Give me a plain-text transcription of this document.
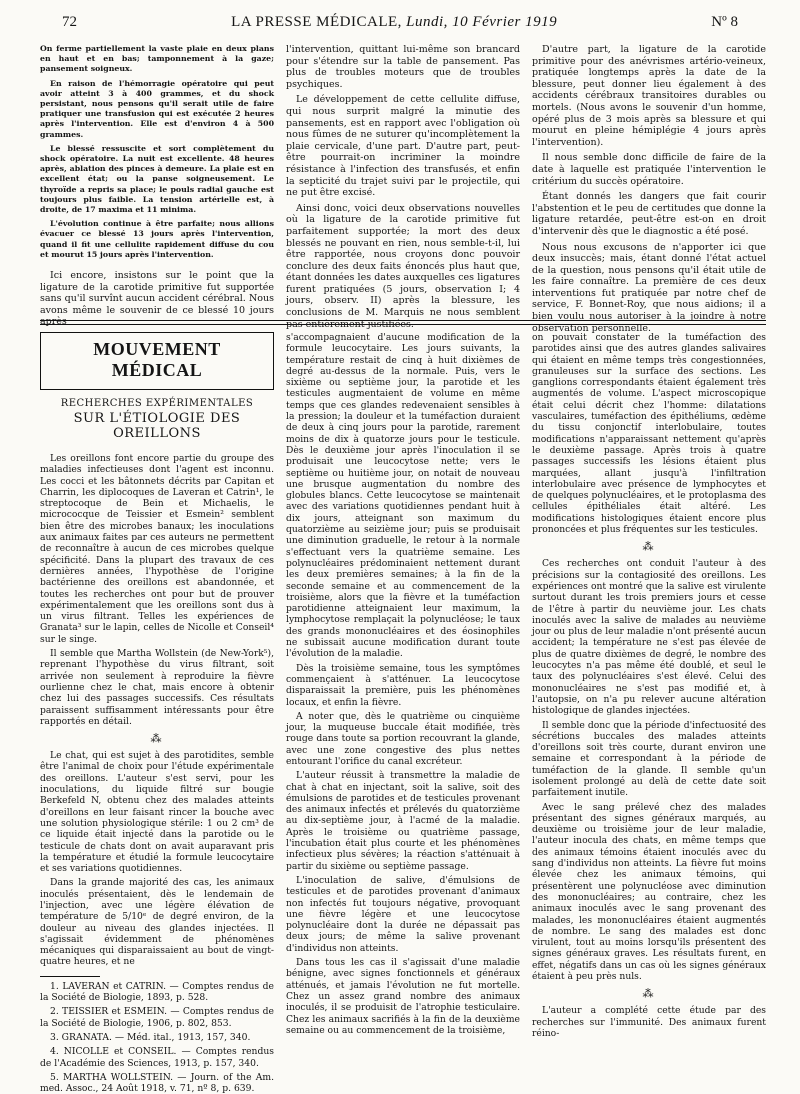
72	LA PRESSE MÉDICALE, Lundi, 10 Février 1919	Nº 8

On ferme partiellement la vaste plaie en deux plans en haut et en bas; tamponnement à la gaze; pansement soigneux.

En raison de l'hémorragie opératoire qui peut avoir atteint 3 à 400 grammes, et du shock persistant, nous pensons qu'il serait utile de faire pratiquer une transfusion qui est exécutée 2 heures après l'intervention. Elle est d'environ 4 à 500 grammes.

Le blessé ressuscite et sort complètement du shock opératoire. La nuit est excellente. 48 heures après, ablation des pinces à demeure. La plaie est en excellent état; ou la panse soigneusement. Le thyroïde a repris sa place; le pouls radial gauche est toujours plus faible. La tension artérielle est, à droite, de 17 maxima et 11 minima.

L'évolution continue à être parfaite; nous allions évacuer ce blessé 13 jours après l'intervention, quand il fit une cellulite rapidement diffuse du cou et mourut 15 jours après l'intervention.

Ici encore, insistons sur le point que la ligature de la carotide primitive fut supportée sans qu'il survînt aucun accident cérébral. Nous avons même le souvenir de ce blessé 10 jours après

l'intervention, quittant lui-même son brancard pour s'étendre sur la table de pansement. Pas plus de troubles moteurs que de troubles psychiques.

Le développement de cette cellulite diffuse, qui nous surprit malgré la minutie des pansements, est en rapport avec l'obligation où nous fûmes de ne suturer qu'incomplètement la plaie cervicale, d'une part. D'autre part, peut-être pourrait-on incriminer la moindre résistance à l'infection des transfusés, et enfin la septicité du trajet suivi par le projectile, qui ne put être excisé.

Ainsi donc, voici deux observations nouvelles où la ligature de la carotide primitive fut parfaitement supportée; la mort des deux blessés ne pouvant en rien, nous semble-t-il, lui être rapportée, nous croyons donc pouvoir conclure des deux faits énoncés plus haut que, étant données les dates auxquelles ces ligatures furent pratiquées (5 jours, observation I; 4 jours, observ. II) après la blessure, les conclusions de M. Marquis ne nous semblent pas entièrement justifiées.

D'autre part, la ligature de la carotide primitive pour des anévrismes artério-veineux, pratiquée longtemps après la date de la blessure, peut donner lieu également à des accidents cérébraux transitoires durables ou mortels. (Nous avons le souvenir d'un homme, opéré plus de 3 mois après sa blessure et qui mourut en pleine hémiplégie 4 jours après l'intervention).

Il nous semble donc difficile de faire de la date à laquelle est pratiquée l'intervention le critérium du succès opératoire.

Étant donnés les dangers que fait courir l'abstention et le peu de certitudes que donne la ligature retardée, peut-être est-on en droit d'intervenir dès que le diagnostic a été posé.

Nous nous excusons de n'apporter ici que deux insuccès; mais, étant donné l'état actuel de la question, nous pensons qu'il était utile de les faire connaître. La première de ces deux interventions fut pratiquée par notre chef de service, F. Bonnet-Roy, que nous aidions; il a bien voulu nous autoriser à la joindre à notre observation personnelle.

MOUVEMENT MÉDICAL
RECHERCHES EXPÉRIMENTALES
SUR L'ÉTIOLOGIE DES OREILLONS

Les oreillons font encore partie du groupe des maladies infectieuses dont l'agent est inconnu. Les cocci et les bâtonnets décrits par Capitan et Charrin, les diplocoques de Laveran et Catrin¹, le streptocoque de Bein et Michaelis, le micrococque de Teissier et Esmein² semblent bien être des microbes banaux; les inoculations aux animaux faites par ces auteurs ne permettent de reconnaître à aucun de ces microbes quelque spécificité. Dans la plupart des travaux de ces dernières années, l'hypothèse de l'origine bactérienne des oreillons est abandonnée, et toutes les recherches ont pour but de prouver expérimentalement que les oreillons sont dus à un virus filtrant. Telles les expériences de Granata³ sur le lapin, celles de Nicolle et Conseil⁴ sur le singe.

Il semble que Martha Wollstein (de New-York⁵), reprenant l'hypothèse du virus filtrant, soit arrivée non seulement à reproduire la fièvre ourlienne chez le chat, mais encore à obtenir chez lui des passages successifs. Ces résultats paraissent suffisamment intéressants pour être rapportés en détail.

⁂

Le chat, qui est sujet à des parotidites, semble être l'animal de choix pour l'étude expérimentale des oreillons. L'auteur s'est servi, pour les inoculations, du liquide filtré sur bougie Berkefeld N, obtenu chez des malades atteints d'oreillons en leur faisant rincer la bouche avec une solution physiologique stérile: 1 ou 2 cm³ de ce liquide était injecté dans la parotide ou le testicule de chats dont on avait auparavant pris la température et étudié la formule leucocytaire et ses variations quotidiennes.

Dans la grande majorité des cas, les animaux inoculés présentaient, dès le lendemain de l'injection, avec une légère élévation de température de 5/10ᵉ de degré environ, de la douleur au niveau des glandes injectées. Il s'agissait évidemment de phénomènes mécaniques qui disparaissaient au bout de vingt-quatre heures, et ne

1. LAVERAN et CATRIN. — Comptes rendus de la Société de Biologie, 1893, p. 528.

2. TEISSIER et ESMEIN. — Comptes rendus de la Société de Biologie, 1906, p. 802, 853.

3. GRANATA. — Méd. ital., 1913, 157, 340.

4. NICOLLE et CONSEIL. — Comptes rendus de l'Académie des Sciences, 1913, p. 157, 340.

5. MARTHA WOLLSTEIN. — Journ. of the Am. med. Assoc., 24 Août 1918, v. 71, nº 8, p. 639.

s'accompagnaient d'aucune modification de la formule leucocytaire. Les jours suivants, la température restait de cinq à huit dixièmes de degré au-dessus de la normale. Puis, vers le sixième ou septième jour, la parotide et les testicules augmentaient de volume en même temps que ces glandes redevenaient sensibles à la pression; la douleur et la tuméfaction duraient de deux à cinq jours pour la parotide, rarement moins de dix à quatorze jours pour le testicule. Dès le deuxième jour après l'inoculation il se produisait une leucocytose nette; vers le septième ou huitième jour, on notait de nouveau une brusque augmentation du nombre des globules blancs. Cette leucocytose se maintenait avec des variations quotidiennes pendant huit à dix jours, atteignant son maximum du quatorzième au seizième jour; puis se produisait une diminution graduelle, le retour à la normale s'effectuant vers la quatrième semaine. Les polynucléaires prédominaient nettement durant les deux premières semaines; à la fin de la seconde semaine et au commencement de la troisième, alors que la fièvre et la tuméfaction parotidienne atteignaient leur maximum, la lymphocytose remplaçait la polynucléose; le taux des grands mononucléaires et des éosinophiles ne subissait aucune modification durant toute l'évolution de la maladie.

Dès la troisième semaine, tous les symptômes commençaient à s'atténuer. La leucocytose disparaissait la première, puis les phénomènes locaux, et enfin la fièvre.

A noter que, dès le quatrième ou cinquième jour, la muqueuse buccale était modifiée, très rouge dans toute sa portion recouvrant la glande, avec une zone congestive des plus nettes entourant l'orifice du canal excréteur.

L'auteur réussit à transmettre la maladie de chat à chat en injectant, soit la salive, soit des émulsions de parotides et de testicules provenant des animaux infectés et prélevés du quatorzième au dix-septième jour, à l'acmé de la maladie. Après le troisième ou quatrième passage, l'incubation était plus courte et les phénomènes infectieux plus sévères; la réaction s'atténuait à partir du sixième ou septième passage.

L'inoculation de salive, d'émulsions de testicules et de parotides provenant d'animaux non infectés fut toujours négative, provoquant une fièvre légère et une leucocytose polynucléaire dont la durée ne dépassait pas deux jours; de même la salive provenant d'individus non atteints.

Dans tous les cas il s'agissait d'une maladie bénigne, avec signes fonctionnels et généraux atténués, et jamais l'évolution ne fut mortelle. Chez un assez grand nombre des animaux inoculés, il se produisit de l'atrophie testiculaire. Chez les animaux sacrifiés à la fin de la deuxième semaine ou au commencement de la troisième,

on pouvait constater de la tuméfaction des parotides ainsi que des autres glandes salivaires qui étaient en même temps très congestionnées, granuleuses sur la surface des sections. Les ganglions correspondants étaient également très augmentés de volume. L'aspect microscopique était celui décrit chez l'homme: dilatations vasculaires, tuméfaction des épithéliums, œdème du tissu conjonctif interlobulaire, toutes modifications n'apparaissant nettement qu'après le deuxième passage. Après trois à quatre passages successifs les lésions étaient plus marquées, allant jusqu'à l'infiltration interlobulaire avec présence de lymphocytes et de quelques polynucléaires, et le protoplasma des cellules épithéliales était altéré. Les modifications histologiques étaient encore plus prononcées et plus fréquentes sur les testicules.

⁂

Ces recherches ont conduit l'auteur à des précisions sur la contagiosité des oreillons. Les expériences ont montré que la salive est virulente surtout durant les trois premiers jours et cesse de l'être à partir du neuvième jour. Les chats inoculés avec la salive de malades au neuvième jour ou plus de leur maladie n'ont présenté aucun accident; la température ne s'est pas élevée de plus de quatre dixièmes de degré, le nombre des leucocytes n'a pas même été doublé, et seul le taux des polynucléaires s'est élevé. Celui des mononucléaires ne s'est pas modifié et, à l'autopsie, on n'a pu relever aucune altération histologique de glandes injectées.

Il semble donc que la période d'infectuosité des sécrétions buccales des malades atteints d'oreillons soit très courte, durant environ une semaine et correspondant à la période de tuméfaction de la glande. Il semble qu'un isolement prolongé au delà de cette date soit parfaitement inutile.

Avec le sang prélevé chez des malades présentant des signes généraux marqués, au deuxième ou troisième jour de leur maladie, l'auteur inocula des chats, en même temps que des animaux témoins étaient inoculés avec du sang d'individus non atteints. La fièvre fut moins élevée chez les animaux témoins, qui présentèrent une polynucléose avec diminution des mononucléaires; au contraire, chez les animaux inoculés avec le sang provenant des malades, les mononucléaires étaient augmentés de nombre. Le sang des malades est donc virulent, tout au moins lorsqu'ils présentent des signes généraux graves. Les résultats furent, en effet, négatifs dans un cas où les signes généraux étaient à peu près nuls.

⁂

L'auteur a complété cette étude par des recherches sur l'immunité. Des animaux furent réino-
